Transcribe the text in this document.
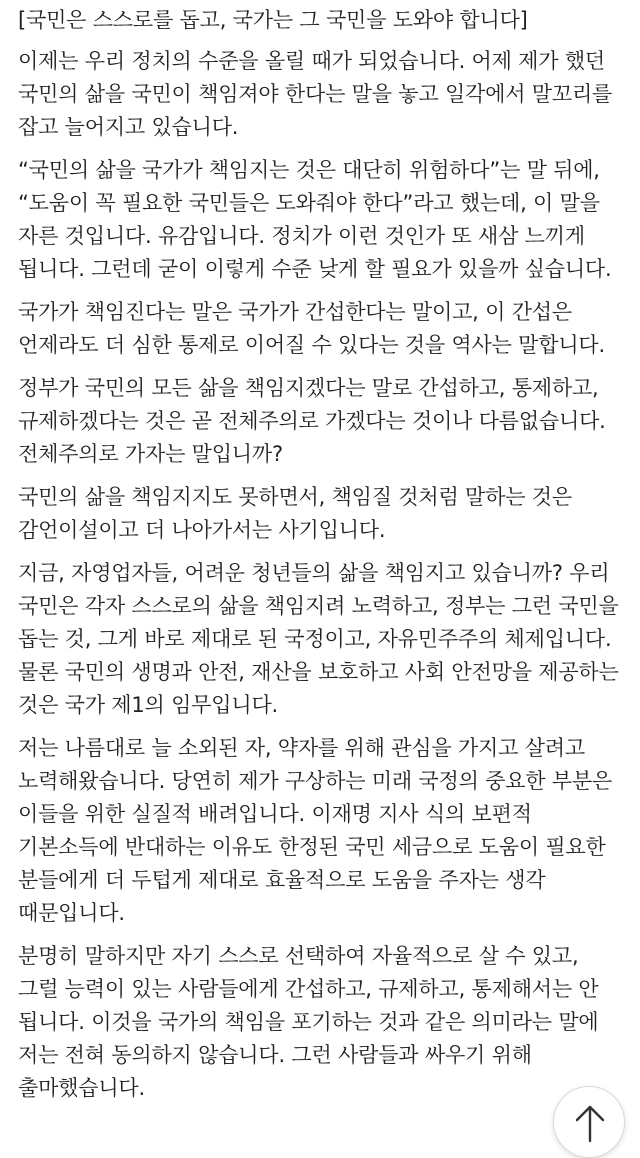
[국민은 스스로를 돕고, 국가는 그 국민을 도와야 합니다]
이제는 우리 정치의 수준을 올릴 때가 되었습니다. 어제 제가 했던 국민의 삶을 국민이 책임져야 한다는 말을 놓고 일각에서 말꼬리를 잡고 늘어지고 있습니다.
“국민의 삶을 국가가 책임지는 것은 대단히 위험하다”는 말 뒤에, “도움이 꼭 필요한 국민들은 도와줘야 한다”라고 했는데, 이 말을 자른 것입니다. 유감입니다. 정치가 이런 것인가 또 새삼 느끼게 됩니다. 그런데 굳이 이렇게 수준 낮게 할 필요가 있을까 싶습니다.
국가가 책임진다는 말은 국가가 간섭한다는 말이고, 이 간섭은 언제라도 더 심한 통제로 이어질 수 있다는 것을 역사는 말합니다.
정부가 국민의 모든 삶을 책임지겠다는 말로 간섭하고, 통제하고, 규제하겠다는 것은 곧 전체주의로 가겠다는 것이나 다름없습니다. 전체주의로 가자는 말입니까?
국민의 삶을 책임지지도 못하면서, 책임질 것처럼 말하는 것은 감언이설이고 더 나아가서는 사기입니다.
지금, 자영업자들, 어려운 청년들의 삶을 책임지고 있습니까? 우리 국민은 각자 스스로의 삶을 책임지려 노력하고, 정부는 그런 국민을 돕는 것, 그게 바로 제대로 된 국정이고, 자유민주주의 체제입니다. 물론 국민의 생명과 안전, 재산을 보호하고 사회 안전망을 제공하는 것은 국가 제1의 임무입니다.
저는 나름대로 늘 소외된 자, 약자를 위해 관심을 가지고 살려고 노력해왔습니다. 당연히 제가 구상하는 미래 국정의 중요한 부분은 이들을 위한 실질적 배려입니다. 이재명 지사 식의 보편적 기본소득에 반대하는 이유도 한정된 국민 세금으로 도움이 필요한 분들에게 더 두텁게 제대로 효율적으로 도움을 주자는 생각 때문입니다.
분명히 말하지만 자기 스스로 선택하여 자율적으로 살 수 있고, 그럴 능력이 있는 사람들에게 간섭하고, 규제하고, 통제해서는 안 됩니다. 이것을 국가의 책임을 포기하는 것과 같은 의미라는 말에 저는 전혀 동의하지 않습니다. 그런 사람들과 싸우기 위해 출마했습니다.
